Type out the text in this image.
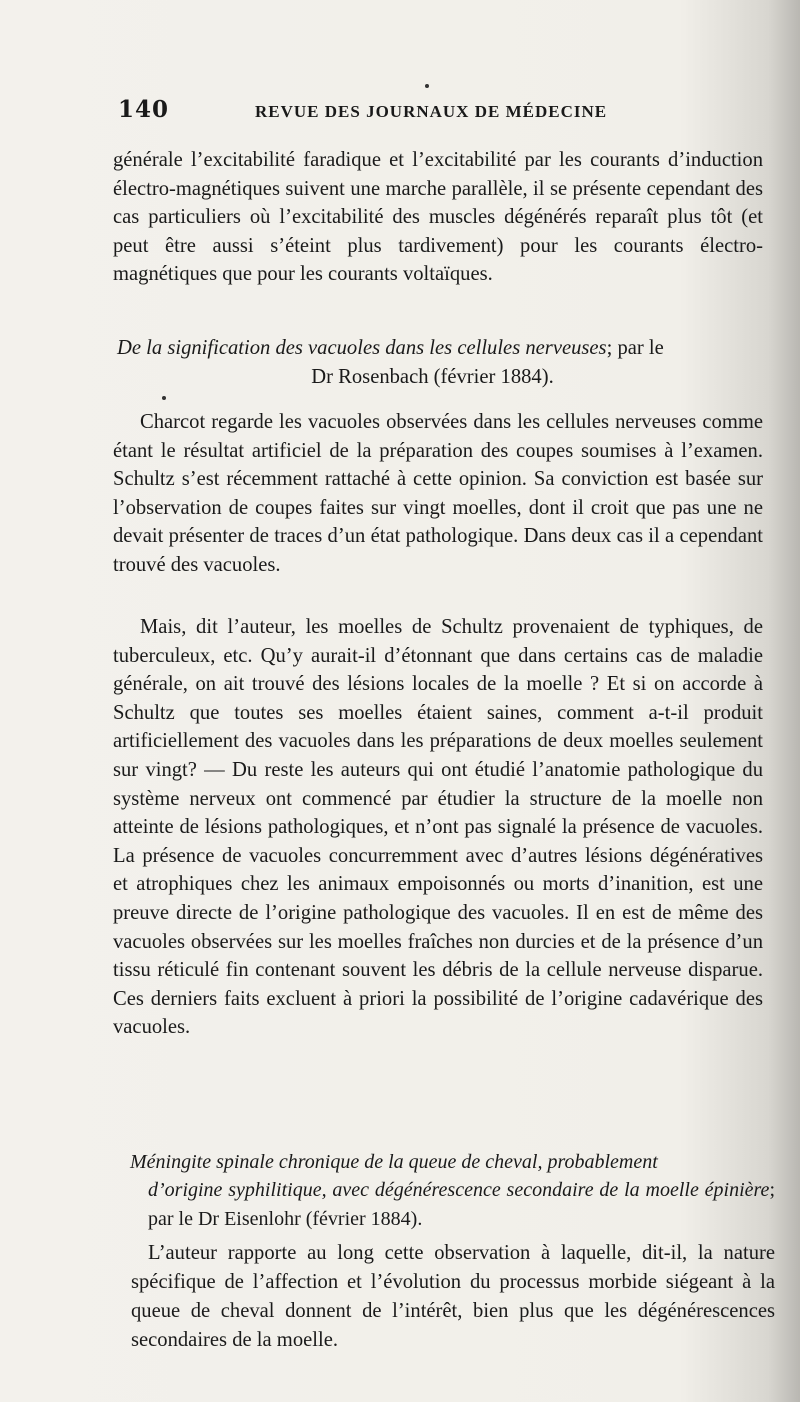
140	REVUE DES JOURNAUX DE MÉDECINE

générale l’excitabilité faradique et l’excitabilité par les courants d’induction électro-magnétiques suivent une marche parallèle, il se présente cependant des cas particuliers où l’excitabilité des muscles dégénérés reparaît plus tôt (et peut être aussi s’éteint plus tardivement) pour les courants électro-magnétiques que pour les courants voltaïques.

De la signification des vacuoles dans les cellules nerveuses; par le
Dr Rosenbach (février 1884).

Charcot regarde les vacuoles observées dans les cellules nerveuses comme étant le résultat artificiel de la préparation des coupes soumises à l’examen. Schultz s’est récemment rattaché à cette opinion. Sa conviction est basée sur l’observation de coupes faites sur vingt moelles, dont il croit que pas une ne devait présenter de traces d’un état pathologique. Dans deux cas il a cependant trouvé des vacuoles.

Mais, dit l’auteur, les moelles de Schultz provenaient de typhiques, de tuberculeux, etc. Qu’y aurait-il d’étonnant que dans certains cas de maladie générale, on ait trouvé des lésions locales de la moelle ? Et si on accorde à Schultz que toutes ses moelles étaient saines, comment a-t-il produit artificiellement des vacuoles dans les préparations de deux moelles seulement sur vingt? — Du reste les auteurs qui ont étudié l’anatomie pathologique du système nerveux ont commencé par étudier la structure de la moelle non atteinte de lésions pathologiques, et n’ont pas signalé la présence de vacuoles. La présence de vacuoles concurremment avec d’autres lésions dégénératives et atrophiques chez les animaux empoisonnés ou morts d’inanition, est une preuve directe de l’origine pathologique des vacuoles. Il en est de même des vacuoles observées sur les moelles fraîches non durcies et de la présence d’un tissu réticulé fin contenant souvent les débris de la cellule nerveuse disparue. Ces derniers faits excluent à priori la possibilité de l’origine cadavérique des vacuoles.

Méningite spinale chronique de la queue de cheval, probablement
d’origine syphilitique, avec dégénérescence secondaire de la moelle épinière; par le Dr Eisenlohr (février 1884).

L’auteur rapporte au long cette observation à laquelle, dit-il, la nature spécifique de l’affection et l’évolution du processus morbide siégeant à la queue de cheval donnent de l’intérêt, bien plus que les dégénérescences secondaires de la moelle.
